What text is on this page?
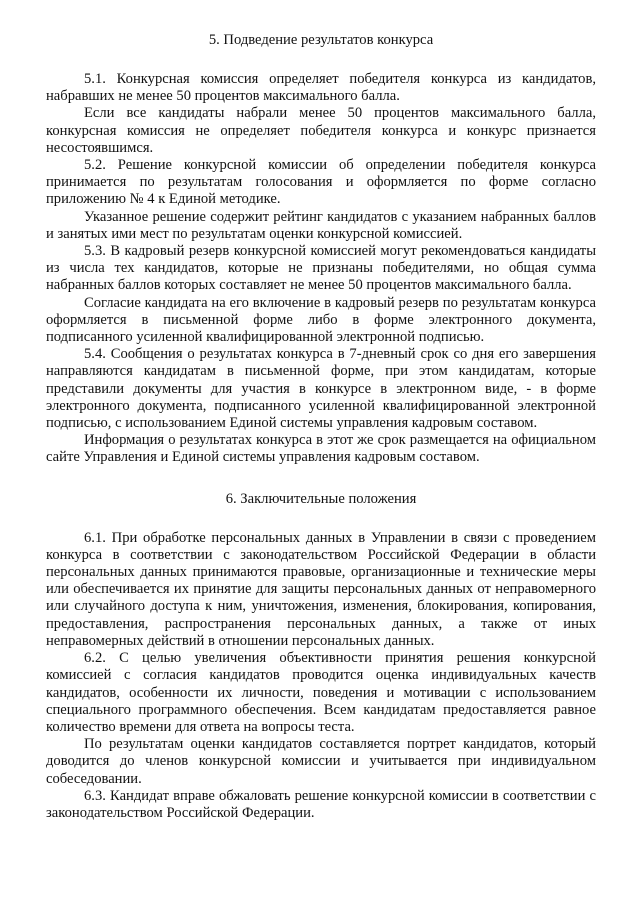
5. Подведение результатов конкурса

5.1. Конкурсная комиссия определяет победителя конкурса из кандидатов, набравших не менее 50 процентов максимального балла.

Если все кандидаты набрали менее 50 процентов максимального балла, конкурсная комиссия не определяет победителя конкурса и конкурс признается несостоявшимся.

5.2. Решение конкурсной комиссии об определении победителя конкурса принимается по результатам голосования и оформляется по форме согласно приложению № 4 к Единой методике.

Указанное решение содержит рейтинг кандидатов с указанием набранных баллов и занятых ими мест по результатам оценки конкурсной комиссией.

5.3. В кадровый резерв конкурсной комиссией могут рекомендоваться кандидаты из числа тех кандидатов, которые не признаны победителями, но общая сумма набранных баллов которых составляет не менее 50 процентов максимального балла.

Согласие кандидата на его включение в кадровый резерв по результатам конкурса оформляется в письменной форме либо в форме электронного документа, подписанного усиленной квалифицированной электронной подписью.

5.4. Сообщения о результатах конкурса в 7-дневный срок со дня его завершения направляются кандидатам в письменной форме, при этом кандидатам, которые представили документы для участия в конкурсе в электронном виде, - в форме электронного документа, подписанного усиленной квалифицированной электронной подписью, с использованием Единой системы управления кадровым составом.

Информация о результатах конкурса в этот же срок размещается на официальном сайте Управления и Единой системы управления кадровым составом.

6. Заключительные положения

6.1. При обработке персональных данных в Управлении в связи с проведением конкурса в соответствии с законодательством Российской Федерации в области персональных данных принимаются правовые, организационные и технические меры или обеспечивается их принятие для защиты персональных данных от неправомерного или случайного доступа к ним, уничтожения, изменения, блокирования, копирования, предоставления, распространения персональных данных, а также от иных неправомерных действий в отношении персональных данных.

6.2. С целью увеличения объективности принятия решения конкурсной комиссией с согласия кандидатов проводится оценка индивидуальных качеств кандидатов, особенности их личности, поведения и мотивации с использованием специального программного обеспечения. Всем кандидатам предоставляется равное количество времени для ответа на вопросы теста.

По результатам оценки кандидатов составляется портрет кандидатов, который доводится до членов конкурсной комиссии и учитывается при индивидуальном собеседовании.

6.3. Кандидат вправе обжаловать решение конкурсной комиссии в соответствии с законодательством Российской Федерации.
